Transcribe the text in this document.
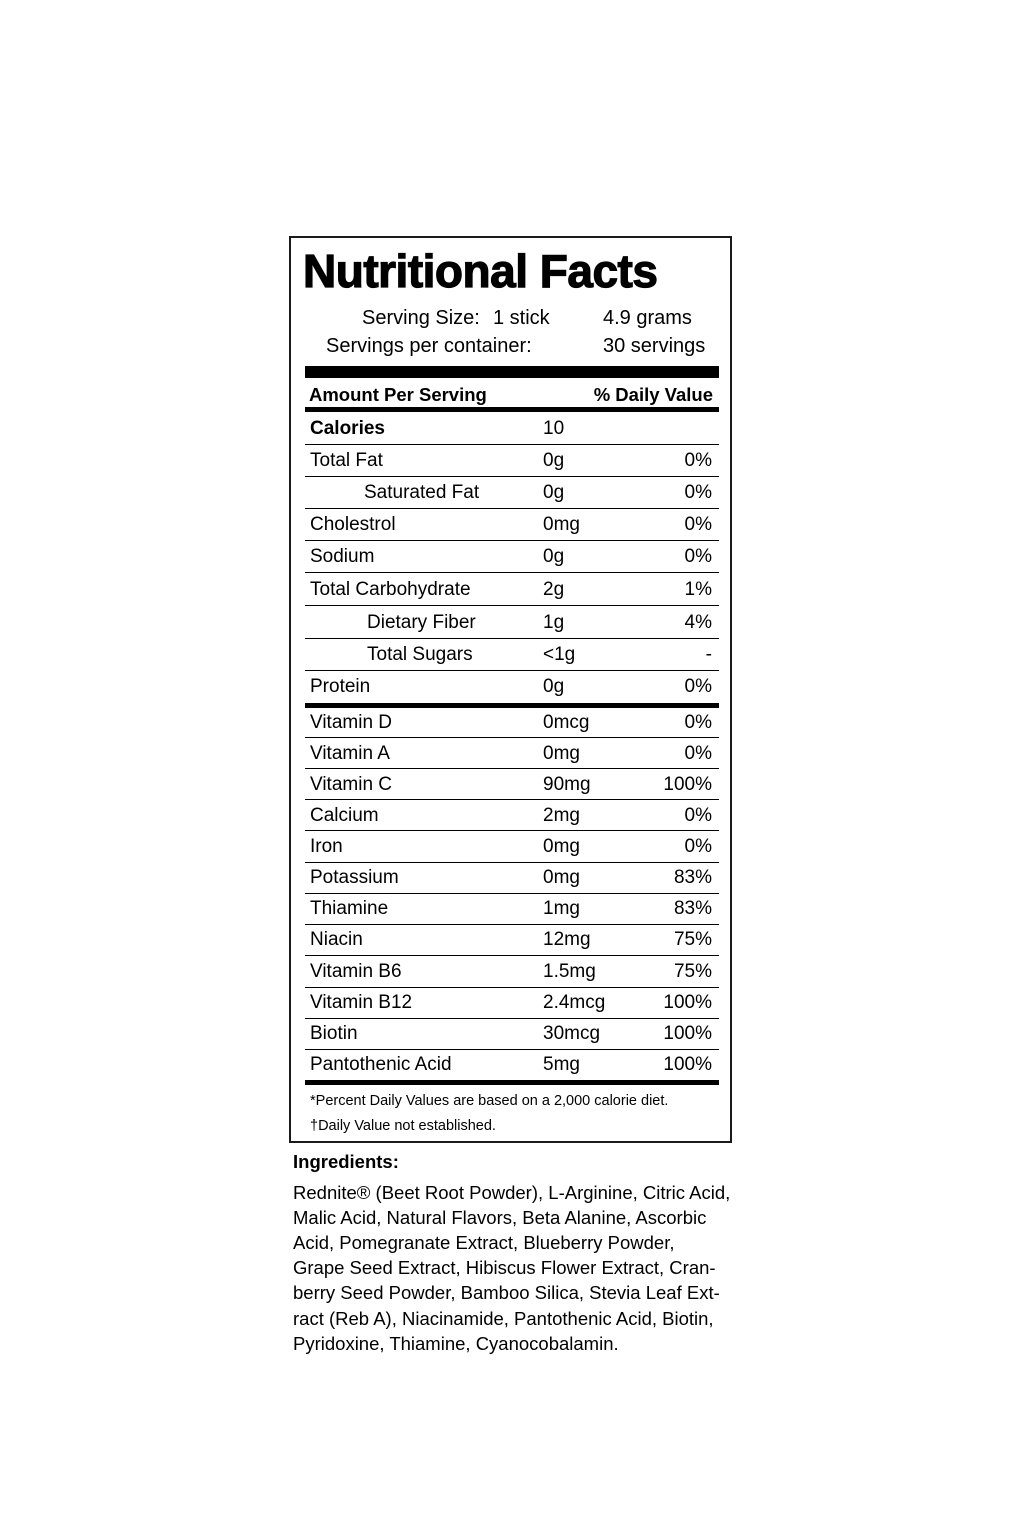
Nutritional Facts
Serving Size: 1 stick	4.9 grams
Servings per container:	30 servings
Amount Per Serving	% Daily Value
Calories	10
Total Fat	0g	0%
Saturated Fat	0g	0%
Cholestrol	0mg	0%
Sodium	0g	0%
Total Carbohydrate	2g	1%
Dietary Fiber	1g	4%
Total Sugars	<1g	-
Protein	0g	0%
Vitamin D	0mcg	0%
Vitamin A	0mg	0%
Vitamin C	90mg	100%
Calcium	2mg	0%
Iron	0mg	0%
Potassium	0mg	83%
Thiamine	1mg	83%
Niacin	12mg	75%
Vitamin B6	1.5mg	75%
Vitamin B12	2.4mcg	100%
Biotin	30mcg	100%
Pantothenic Acid	5mg	100%
*Percent Daily Values are based on a 2,000 calorie diet.
†Daily Value not established.
Ingredients:
Rednite® (Beet Root Powder), L-Arginine, Citric Acid,
Malic Acid, Natural Flavors, Beta Alanine, Ascorbic
Acid, Pomegranate Extract, Blueberry Powder,
Grape Seed Extract, Hibiscus Flower Extract, Cran-
berry Seed Powder, Bamboo Silica, Stevia Leaf Ext-
ract (Reb A), Niacinamide, Pantothenic Acid, Biotin,
Pyridoxine, Thiamine, Cyanocobalamin.
